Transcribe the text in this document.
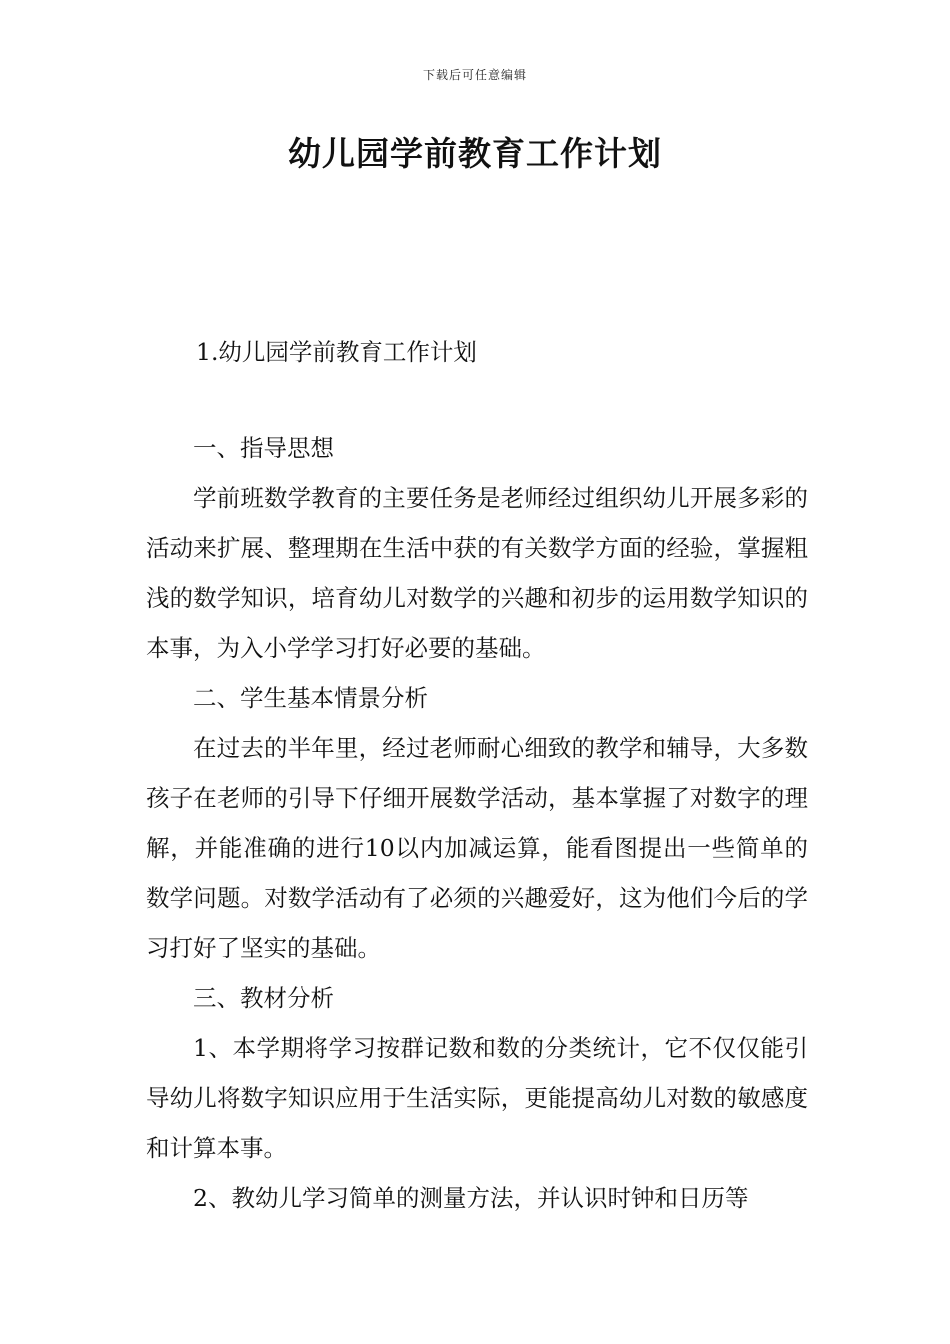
下载后可任意编辑
幼儿园学前教育工作计划
1.幼儿园学前教育工作计划
一、指导思想

学前班数学教育的主要任务是老师经过组织幼儿开展多彩的活动来扩展、整理期在生活中获的有关数学方面的经验，掌握粗浅的数学知识，培育幼儿对数学的兴趣和初步的运用数学知识的本事，为入小学学习打好必要的基础。

二、学生基本情景分析

在过去的半年里，经过老师耐心细致的教学和辅导，大多数孩子在老师的引导下仔细开展数学活动，基本掌握了对数字的理解，并能准确的进行10以内加减运算，能看图提出一些简单的数学问题。对数学活动有了必须的兴趣爱好，这为他们今后的学习打好了坚实的基础。

三、教材分析

1、本学期将学习按群记数和数的分类统计，它不仅仅能引导幼儿将数字知识应用于生活实际，更能提高幼儿对数的敏感度和计算本事。

2、教幼儿学习简单的测量方法，并认识时钟和日历等
